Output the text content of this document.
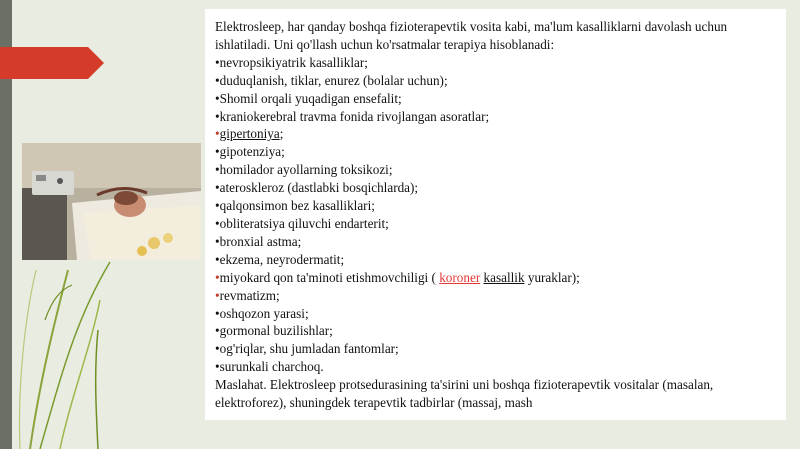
Elektrosleep, har qanday boshqa fizioterapevtik vosita kabi, ma'lum kasalliklarni davolash uchun ishlatiladi. Uni qo'llash uchun ko'rsatmalar terapiya hisoblanadi:

•nevropsikiyatrik kasalliklar;

•duduqlanish, tiklar, enurez (bolalar uchun);

•Shomil orqali yuqadigan ensefalit;

•kraniokerebral travma fonida rivojlangan asoratlar;

•gipertoniya;

•gipotenziya;

•homilador ayollarning toksikozi;

•ateroskleroz (dastlabki bosqichlarda);

•qalqonsimon bez kasalliklari;

•obliteratsiya qiluvchi endarterit;

•bronxial astma;

•ekzema, neyrodermatit;

•miyokard qon ta'minoti etishmovchiligi ( koroner kasallik yuraklar);

•revmatizm;

•oshqozon yarasi;

•gormonal buzilishlar;

•og'riqlar, shu jumladan fantomlar;

•surunkali charchoq.

Maslahat. Elektrosleep protsedurasining ta'sirini uni boshqa fizioterapevtik vositalar (masalan, elektroforez), shuningdek terapevtik tadbirlar (massaj, mash
